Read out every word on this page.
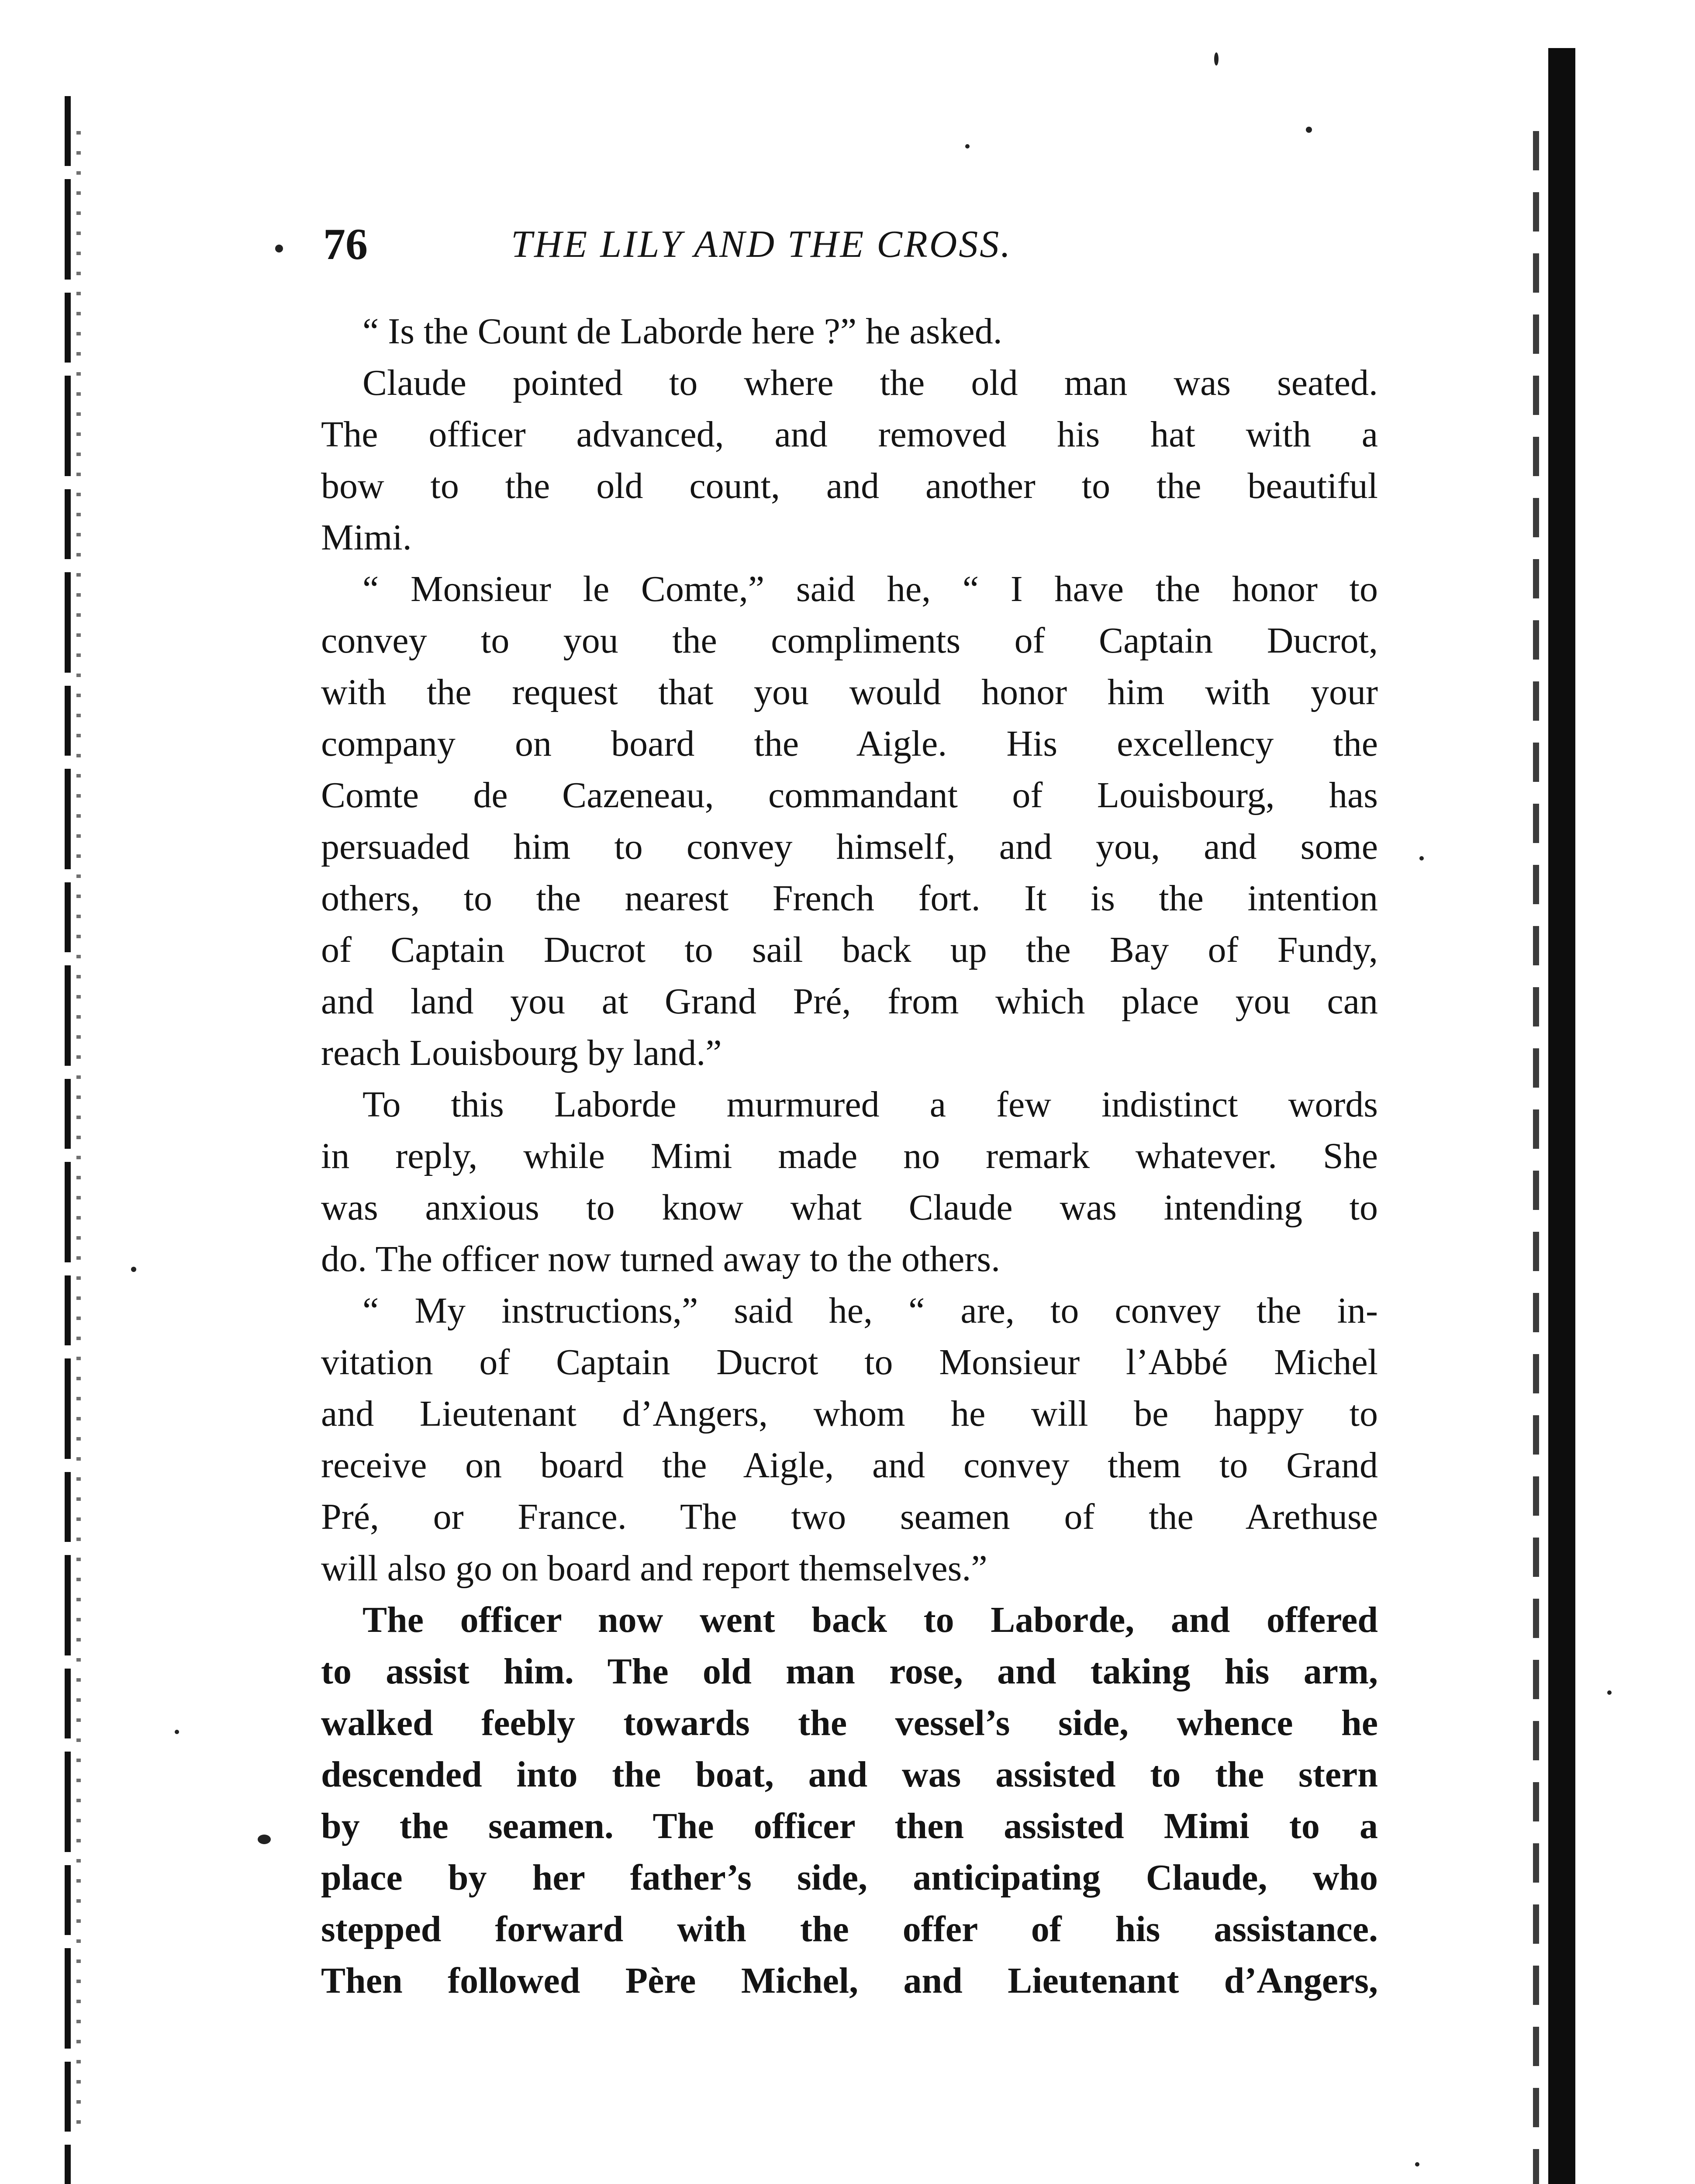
76	THE LILY AND THE CROSS.
“ Is the Count de Laborde here ?” he asked.
Claude pointed to where the old man was seated.
The officer advanced, and removed his hat with a
bow to the old count, and another to the beautiful
Mimi.
“ Monsieur le Comte,” said he, “ I have the honor to
convey to you the compliments of Captain Ducrot,
with the request that you would honor him with your
company on board the Aigle. His excellency the
Comte de Cazeneau, commandant of Louisbourg, has
persuaded him to convey himself, and you, and some
others, to the nearest French fort. It is the intention
of Captain Ducrot to sail back up the Bay of Fundy,
and land you at Grand Pré, from which place you can
reach Louisbourg by land.”
To this Laborde murmured a few indistinct words
in reply, while Mimi made no remark whatever. She
was anxious to know what Claude was intending to
do. The officer now turned away to the others.
“ My instructions,” said he, “ are, to convey the in-
vitation of Captain Ducrot to Monsieur l’Abbé Michel
and Lieutenant d’Angers, whom he will be happy to
receive on board the Aigle, and convey them to Grand
Pré, or France. The two seamen of the Arethuse
will also go on board and report themselves.”
The officer now went back to Laborde, and offered
to assist him. The old man rose, and taking his arm,
walked feebly towards the vessel’s side, whence he
descended into the boat, and was assisted to the stern
by the seamen. The officer then assisted Mimi to a
place by her father’s side, anticipating Claude, who
stepped forward with the offer of his assistance.
Then followed Père Michel, and Lieutenant d’Angers,
